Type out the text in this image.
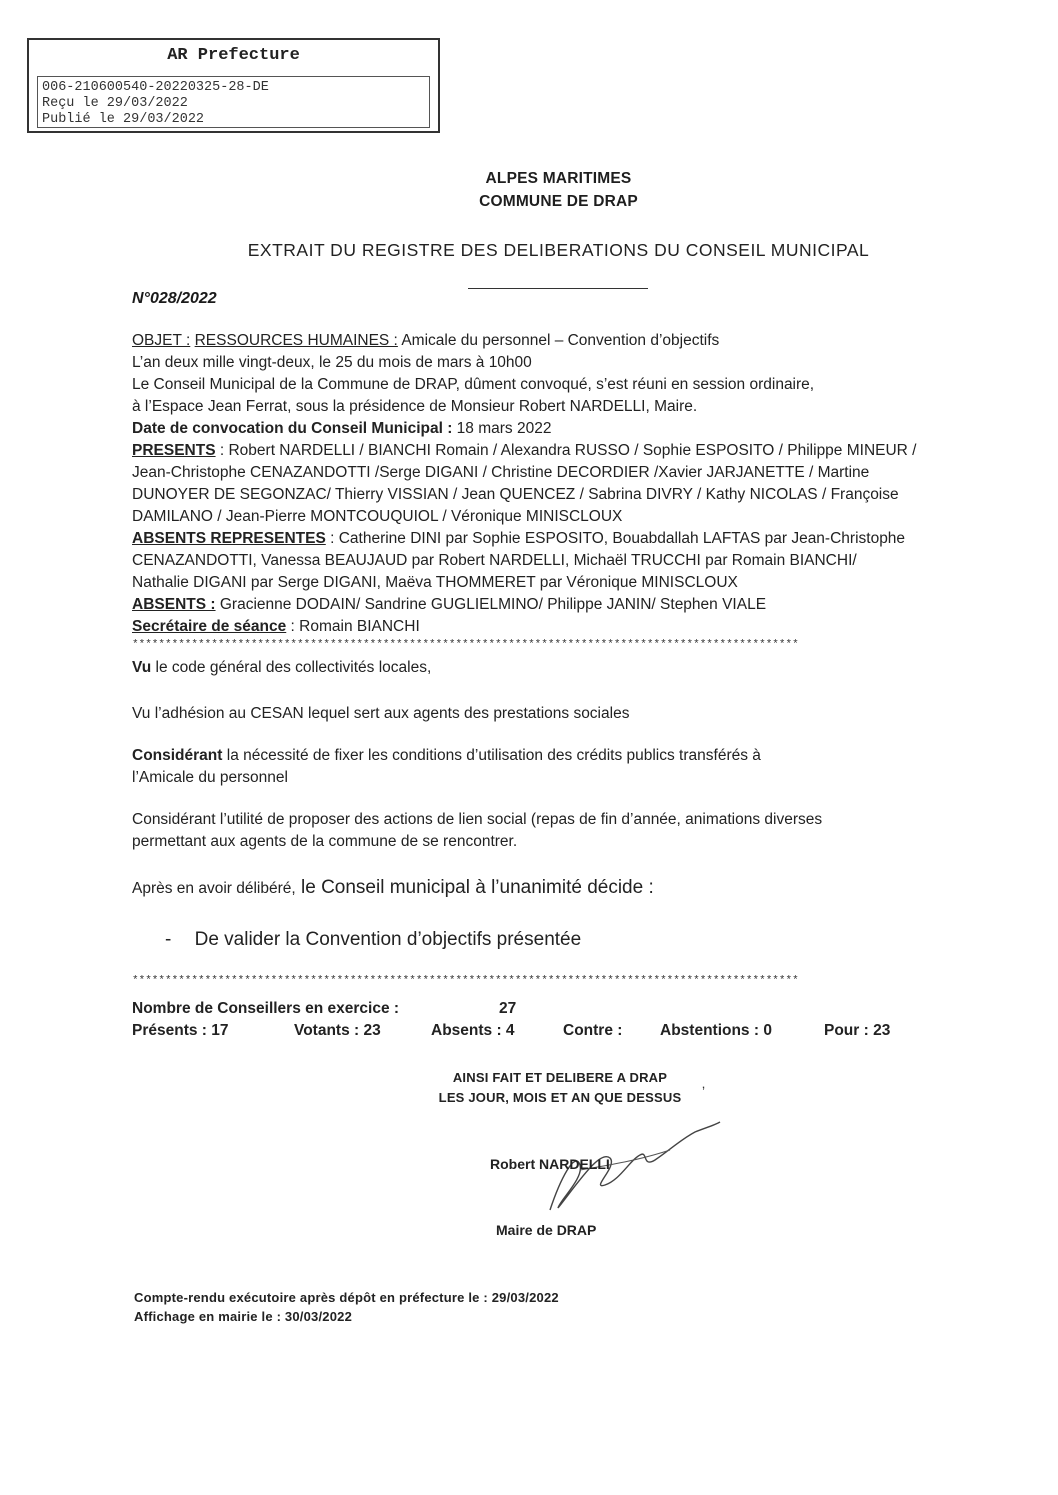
AR Prefecture
006-210600540-20220325-28-DE
Reçu le 29/03/2022
Publié le 29/03/2022
ALPES MARITIMES
COMMUNE DE DRAP
EXTRAIT DU REGISTRE DES DELIBERATIONS DU CONSEIL MUNICIPAL
N°028/2022
OBJET : RESSOURCES HUMAINES : Amicale du personnel – Convention d’objectifs
L’an deux mille vingt-deux, le 25 du mois de mars à 10h00
Le Conseil Municipal de la Commune de DRAP, dûment convoqué, s’est réuni en session ordinaire,
à l’Espace Jean Ferrat, sous la présidence de Monsieur Robert NARDELLI, Maire.
Date de convocation du Conseil Municipal : 18 mars 2022
PRESENTS : Robert NARDELLI / BIANCHI Romain / Alexandra RUSSO / Sophie ESPOSITO / Philippe MINEUR /
Jean-Christophe CENAZANDOTTI /Serge DIGANI / Christine DECORDIER /Xavier JARJANETTE / Martine
DUNOYER DE SEGONZAC/ Thierry VISSIAN / Jean QUENCEZ / Sabrina DIVRY / Kathy NICOLAS / Françoise
DAMILANO / Jean-Pierre MONTCOUQUIOL / Véronique MINISCLOUX
ABSENTS REPRESENTES : Catherine DINI par Sophie ESPOSITO, Bouabdallah LAFTAS par Jean-Christophe
CENAZANDOTTI, Vanessa BEAUJAUD par Robert NARDELLI, Michaël TRUCCHI par Romain BIANCHI/
Nathalie DIGANI par Serge DIGANI, Maëva THOMMERET par Véronique MINISCLOUX
ABSENTS : Gracienne DODAIN/ Sandrine GUGLIELMINO/ Philippe JANIN/ Stephen VIALE
Secrétaire de séance : Romain BIANCHI
*****************************************************************************************************
Vu le code général des collectivités locales,
Vu l’adhésion au CESAN lequel sert aux agents des prestations sociales
Considérant la nécessité de fixer les conditions d’utilisation des crédits publics transférés à
l’Amicale du personnel
Considérant l’utilité de proposer des actions de lien social (repas de fin d’année, animations diverses
permettant aux agents de la commune de se rencontrer.
Après en avoir délibéré, le Conseil municipal à l’unanimité décide :
- De valider la Convention d’objectifs présentée
*****************************************************************************************************
Nombre de Conseillers en exercice :	27
Présents : 17	Votants : 23	Absents : 4	Contre : Abstentions : 0	Pour : 23
AINSI FAIT ET DELIBERE A DRAP
LES JOUR, MOIS ET AN QUE DESSUS	ʼ
Robert NARDELLI
Maire de DRAP
Compte-rendu exécutoire après dépôt en préfecture le : 29/03/2022
Affichage en mairie le : 30/03/2022
